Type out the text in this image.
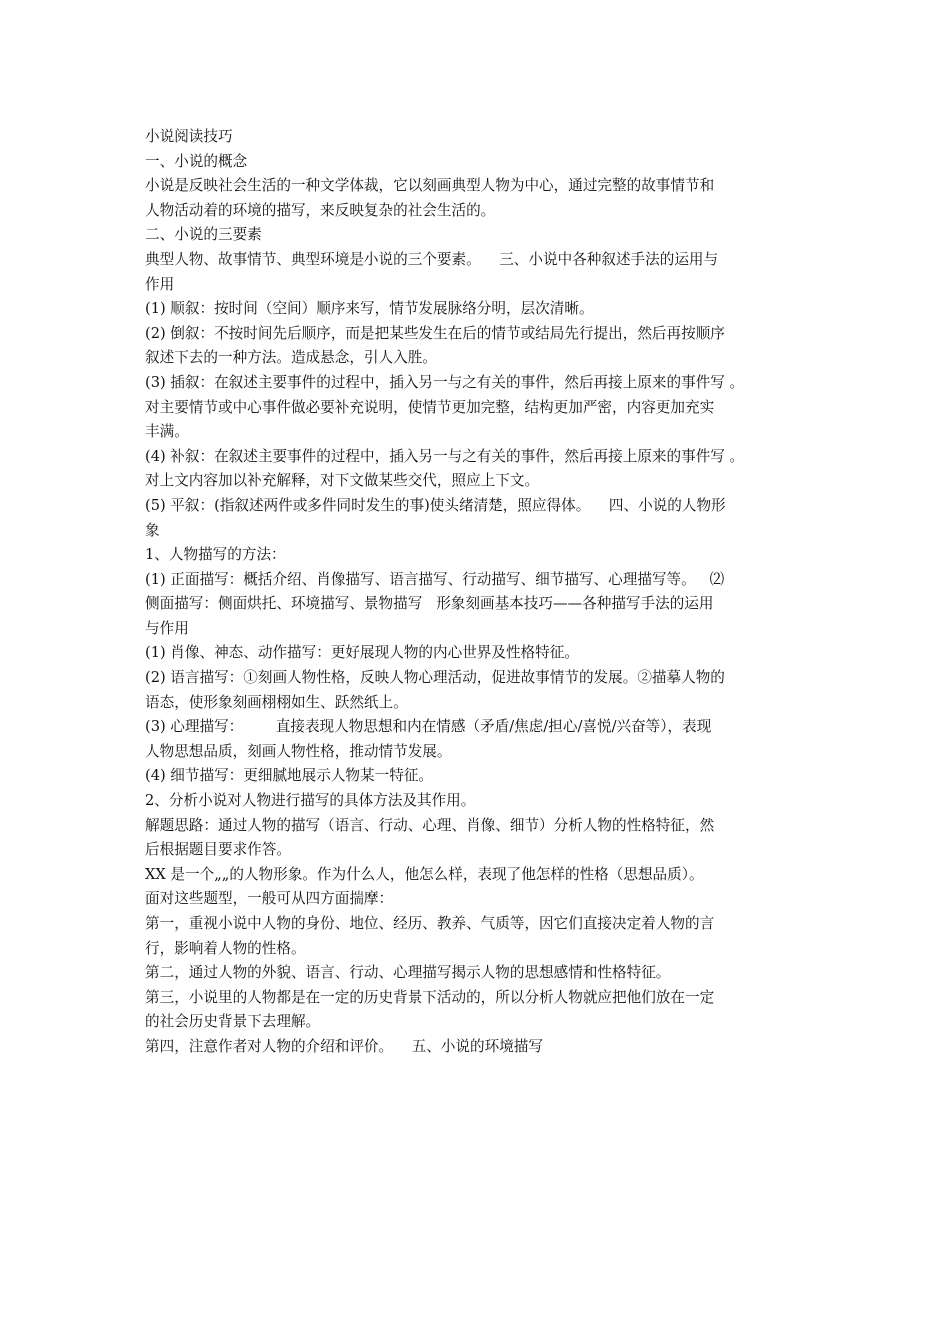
小说阅读技巧
一、小说的概念
小说是反映社会生活的一种文学体裁，它以刻画典型人物为中心，通过完整的故事情节和
人物活动着的环境的描写，来反映复杂的社会生活的。
二、小说的三要素
典型人物、故事情节、典型环境是小说的三个要素。    三、小说中各种叙述手法的运用与
作用
(1) 顺叙：按时间（空间）顺序来写，情节发展脉络分明，层次清晰。
(2) 倒叙：不按时间先后顺序，而是把某些发生在后的情节或结局先行提出，然后再按顺序
叙述下去的一种方法。造成悬念，引人入胜。
(3) 插叙：在叙述主要事件的过程中，插入另一与之有关的事件，然后再接上原来的事件写 。
对主要情节或中心事件做必要补充说明，使情节更加完整，结构更加严密，内容更加充实
丰满。
(4) 补叙：在叙述主要事件的过程中，插入另一与之有关的事件，然后再接上原来的事件写 。
对上文内容加以补充解释，对下文做某些交代，照应上下文。
(5) 平叙：(指叙述两件或多件同时发生的事)使头绪清楚，照应得体。    四、小说的人物形
象
1、人物描写的方法：
(1) 正面描写：概括介绍、肖像描写、语言描写、行动描写、细节描写、心理描写等。   ⑵
侧面描写：侧面烘托、环境描写、景物描写   形象刻画基本技巧——各种描写手法的运用
与作用
(1) 肖像、神态、动作描写：更好展现人物的内心世界及性格特征。
(2) 语言描写：①刻画人物性格，反映人物心理活动，促进故事情节的发展。②描摹人物的
语态，使形象刻画栩栩如生、跃然纸上。
(3) 心理描写：       直接表现人物思想和内在情感（矛盾/焦虑/担心/喜悦/兴奋等），表现
人物思想品质，刻画人物性格，推动情节发展。
(4) 细节描写：更细腻地展示人物某一特征。
2、分析小说对人物进行描写的具体方法及其作用。
解题思路：通过人物的描写（语言、行动、心理、肖像、细节）分析人物的性格特征，然
后根据题目要求作答。
XX 是一个„„的人物形象。作为什么人，他怎么样，表现了他怎样的性格（思想品质）。
面对这些题型，一般可从四方面揣摩：
第一，重视小说中人物的身份、地位、经历、教养、气质等，因它们直接决定着人物的言
行，影响着人物的性格。
第二，通过人物的外貌、语言、行动、心理描写揭示人物的思想感情和性格特征。
第三，小说里的人物都是在一定的历史背景下活动的，所以分析人物就应把他们放在一定
的社会历史背景下去理解。
第四，注意作者对人物的介绍和评价。    五、小说的环境描写
